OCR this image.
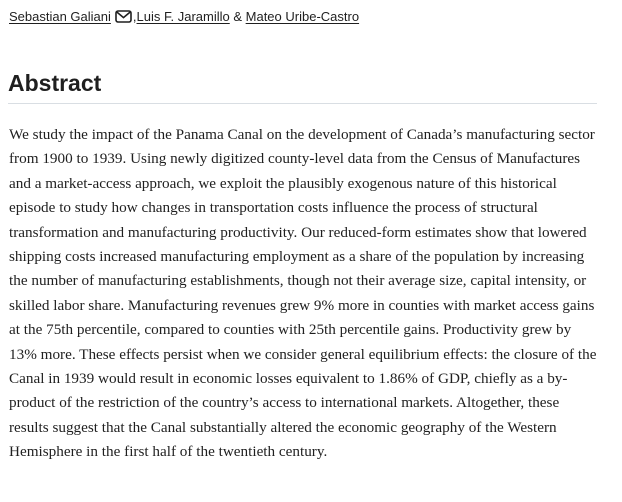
Sebastian Galiani ,Luis F. Jaramillo & Mateo Uribe-Castro
Abstract

We study the impact of the Panama Canal on the development of Canada’s manufacturing sector from 1900 to 1939. Using newly digitized county-level data from the Census of Manufactures and a market-access approach, we exploit the plausibly exogenous nature of this historical episode to study how changes in transportation costs influence the process of structural transformation and manufacturing productivity. Our reduced-form estimates show that lowered shipping costs increased manufacturing employment as a share of the population by increasing the number of manufacturing establishments, though not their average size, capital intensity, or skilled labor share. Manufacturing revenues grew 9% more in counties with market access gains at the 75th percentile, compared to counties with 25th percentile gains. Productivity grew by 13% more. These effects persist when we consider general equilibrium effects: the closure of the Canal in 1939 would result in economic losses equivalent to 1.86% of GDP, chiefly as a by-product of the restriction of the country’s access to international markets. Altogether, these results suggest that the Canal substantially altered the economic geography of the Western Hemisphere in the first half of the twentieth century.
